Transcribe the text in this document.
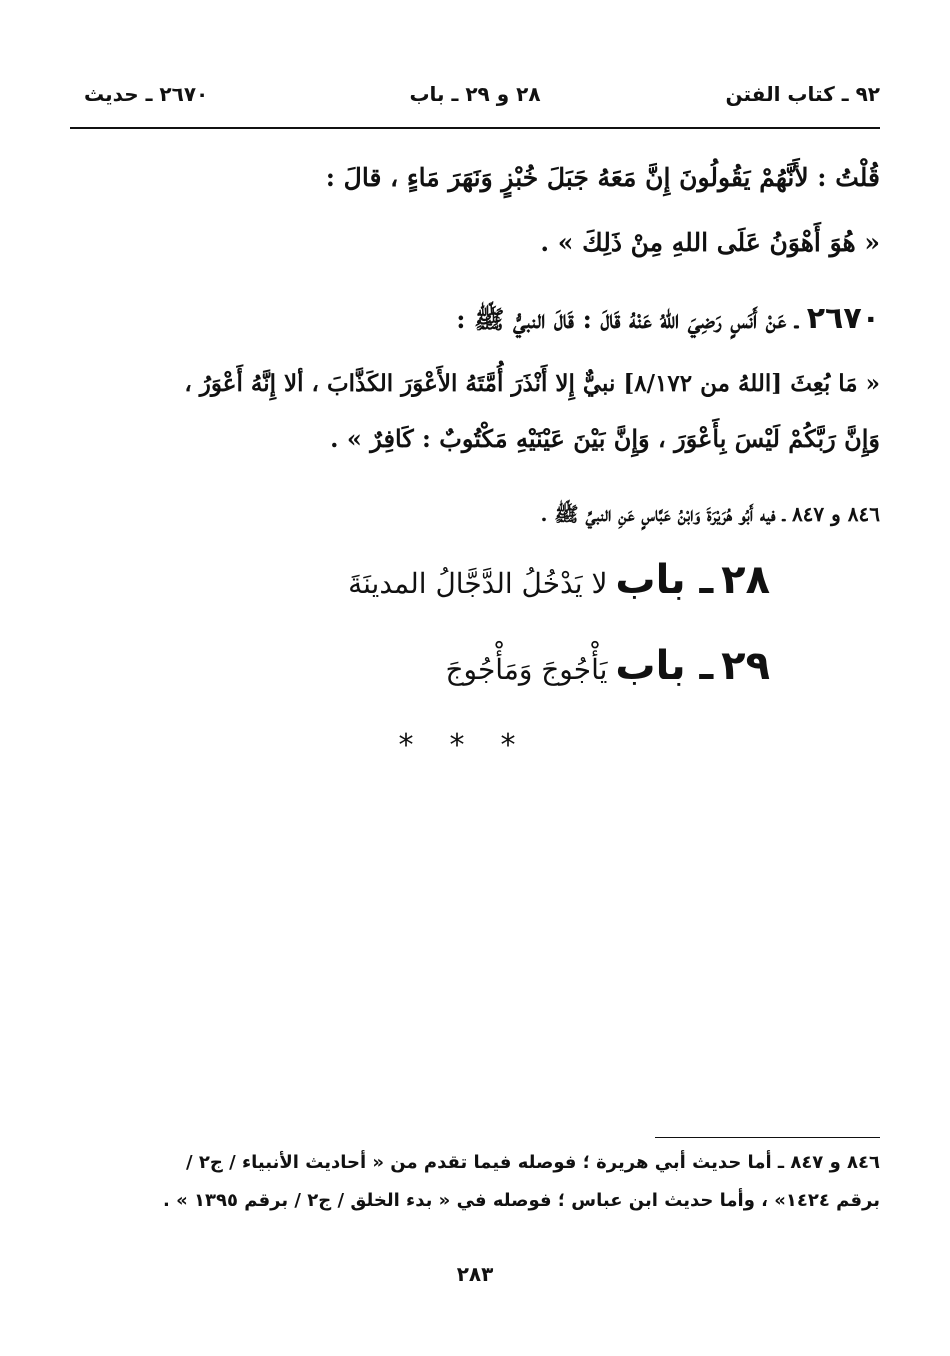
٩٢ ـ كتاب الفتن
٢٨ و ٢٩ ـ باب
٢٦٧٠ ـ حديث
قُلْتُ : لأَنَّهُمْ يَقُولُونَ إِنَّ مَعَهُ جَبَلَ خُبْزٍ وَنَهَرَ مَاءٍ ، قالَ :
« هُوَ أَهْوَنُ عَلَى اللهِ مِنْ ذَلِكَ » .
٢٦٧٠ ـ عَنْ أَنَسٍ رَضِيَ اللهُ عَنْهُ قَالَ : قَالَ النبيُّ ﷺ :
« مَا بُعِثَ [اللهُ من ٨/١٧٢] نبيٌّ إِلا أَنْذَرَ أُمَّتَهُ الأَعْوَرَ الكَذَّابَ ، ألا إِنَّهُ أَعْوَرُ ،
وَإِنَّ رَبَّكُمْ لَيْسَ بِأَعْوَرَ ، وَإِنَّ بَيْنَ عَيْنَيْهِ مَكْتُوبٌ : كَافِرٌ » .
٨٤٦ و ٨٤٧ ـ فيه أَبُو هُرَيْرَةَ وَابْنُ عَبَّاسٍ عَنِ النبيِّ ﷺ .
٢٨ ـ باب لا يَدْخُلُ الدَّجَّالُ المدينَةَ
٢٩ ـ باب يَأْجُوجَ وَمَأْجُوجَ
***
٨٤٦ و ٨٤٧ ـ أما حديث أبي هريرة ؛ فوصله فيما تقدم من « أحاديث الأنبياء / ج٢ /
برقم ١٤٢٤» ، وأما حديث ابن عباس ؛ فوصله في « بدء الخلق / ج٢ / برقم ١٣٩٥ » .
٢٨٣
